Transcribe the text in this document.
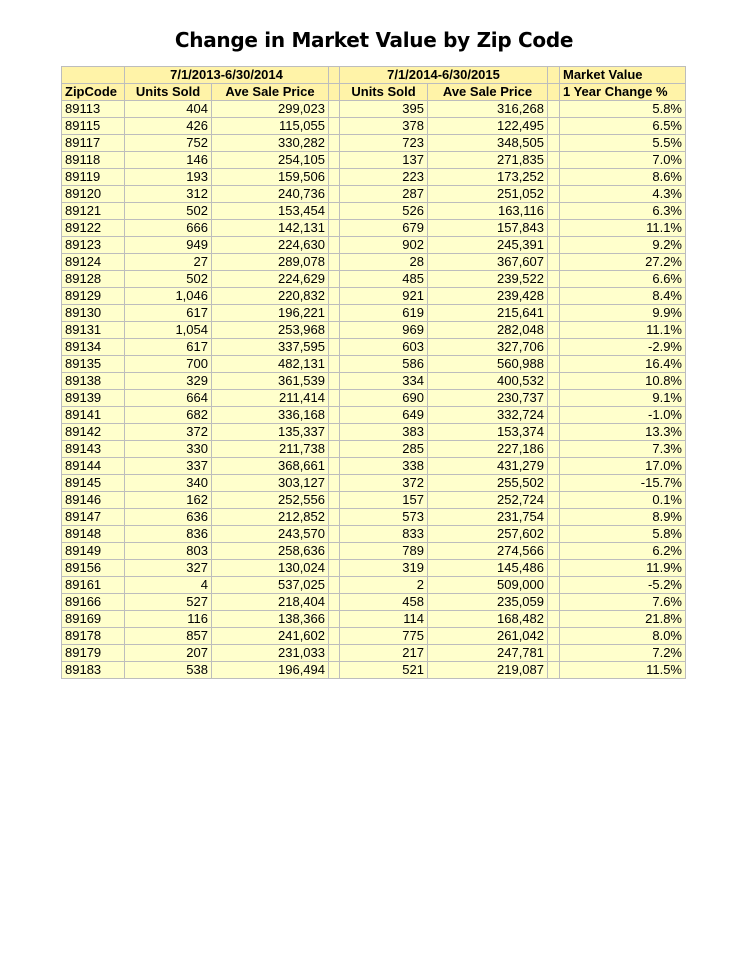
Change in Market Value by Zip Code
	7/1/2013-6/30/2014			7/1/2014-6/30/2015			Market Value
ZipCode	Units Sold	Ave Sale Price		Units Sold	Ave Sale Price		1 Year Change %
89113	404	299,023		395	316,268		5.8%
89115	426	115,055		378	122,495		6.5%
89117	752	330,282		723	348,505		5.5%
89118	146	254,105		137	271,835		7.0%
89119	193	159,506		223	173,252		8.6%
89120	312	240,736		287	251,052		4.3%
89121	502	153,454		526	163,116		6.3%
89122	666	142,131		679	157,843		11.1%
89123	949	224,630		902	245,391		9.2%
89124	27	289,078		28	367,607		27.2%
89128	502	224,629		485	239,522		6.6%
89129	1,046	220,832		921	239,428		8.4%
89130	617	196,221		619	215,641		9.9%
89131	1,054	253,968		969	282,048		11.1%
89134	617	337,595		603	327,706		-2.9%
89135	700	482,131		586	560,988		16.4%
89138	329	361,539		334	400,532		10.8%
89139	664	211,414		690	230,737		9.1%
89141	682	336,168		649	332,724		-1.0%
89142	372	135,337		383	153,374		13.3%
89143	330	211,738		285	227,186		7.3%
89144	337	368,661		338	431,279		17.0%
89145	340	303,127		372	255,502		-15.7%
89146	162	252,556		157	252,724		0.1%
89147	636	212,852		573	231,754		8.9%
89148	836	243,570		833	257,602		5.8%
89149	803	258,636		789	274,566		6.2%
89156	327	130,024		319	145,486		11.9%
89161	4	537,025		2	509,000		-5.2%
89166	527	218,404		458	235,059		7.6%
89169	116	138,366		114	168,482		21.8%
89178	857	241,602		775	261,042		8.0%
89179	207	231,033		217	247,781		7.2%
89183	538	196,494		521	219,087		11.5%
